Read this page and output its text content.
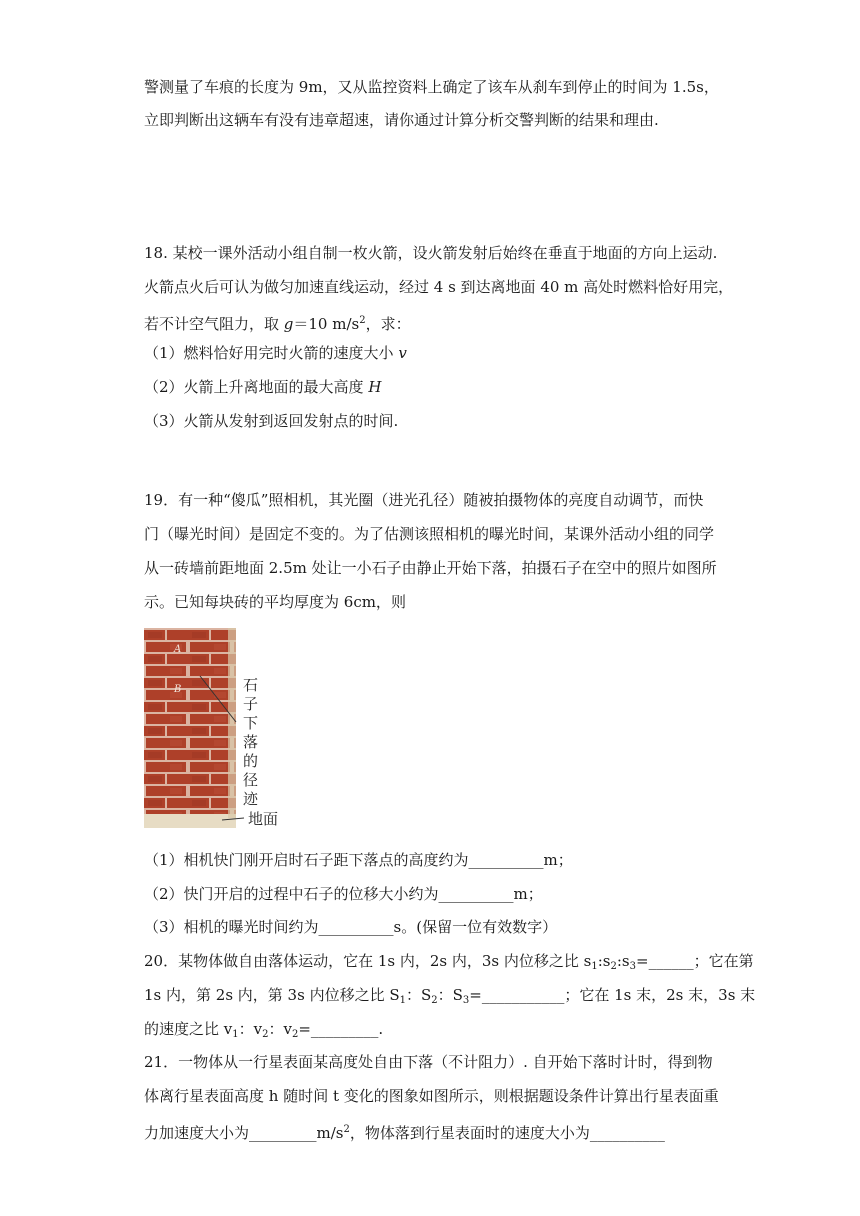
警测量了车痕的长度为 9m，又从监控资料上确定了该车从刹车到停止的时间为 1.5s，
立即判断出这辆车有没有违章超速，请你通过计算分析交警判断的结果和理由.
18. 某校一课外活动小组自制一枚火箭，设火箭发射后始终在垂直于地面的方向上运动.
火箭点火后可认为做匀加速直线运动，经过 4 s 到达离地面 40 m 高处时燃料恰好用完，
若不计空气阻力，取 g＝10 $m/s^2$，求：
（1）燃料恰好用完时火箭的速度大小 v
（2）火箭上升离地面的最大高度 H
（3）火箭从发射到返回发射点的时间.
19．有一种“傻瓜”照相机，其光圈（进光孔径）随被拍摄物体的亮度自动调节，而快
门（曝光时间）是固定不变的。为了估测该照相机的曝光时间，某课外活动小组的同学
从一砖墙前距地面 2.5m 处让一小石子由静止开始下落，拍摄石子在空中的照片如图所
示。已知每块砖的平均厚度为 6cm，则
A
B	石子下落的径迹
地面
（1）相机快门刚开启时石子距下落点的高度约为__________m；
（2）快门开启的过程中石子的位移大小约为__________m；
（3）相机的曝光时间约为__________s。(保留一位有效数字）
20．某物体做自由落体运动，它在 1s 内，2s 内，3s 内位移之比 $s_1:s_2:s_3=\_\_\_\_\_\_$；它在第
1s 内，第 2s 内，第 3s 内位移之比 $S_1$：$S_2$：$S_3=\_\_\_\_\_\_\_\_\_\_\_$；它在 1s 末，2s 末，3s 末
的速度之比 $v_1$：$v_2$：$v_2=\_\_\_\_\_\_\_\_\_$.
21．一物体从一行星表面某高度处自由下落（不计阻力）. 自开始下落时计时，得到物
体离行星表面高度 h 随时间 t 变化的图象如图所示，则根据题设条件计算出行星表面重
力加速度大小为$\_\_\_\_\_\_\_\_\_m/s^2$，物体落到行星表面时的速度大小为__________
